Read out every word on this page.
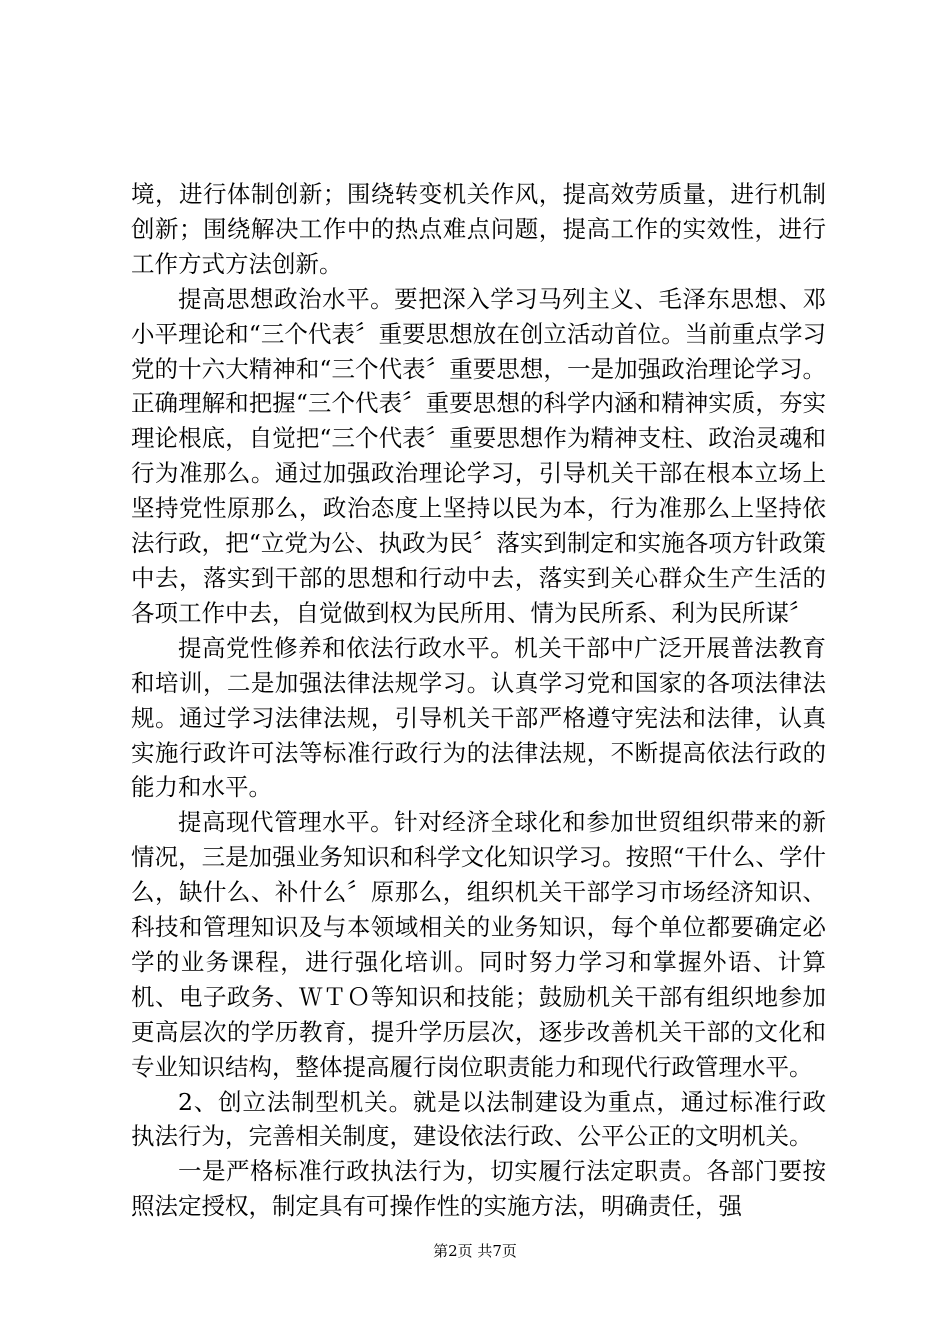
境，进行体制创新；围绕转变机关作风，提高效劳质量，进行机制创新；围绕解决工作中的热点难点问题，提高工作的实效性，进行工作方式方法创新。

提高思想政治水平。要把深入学习马列主义、毛泽东思想、邓小平理论和“三个代表〞重要思想放在创立活动首位。当前重点学习党的十六大精神和“三个代表〞重要思想，一是加强政治理论学习。正确理解和把握“三个代表〞重要思想的科学内涵和精神实质，夯实理论根底，自觉把“三个代表〞重要思想作为精神支柱、政治灵魂和行为准那么。通过加强政治理论学习，引导机关干部在根本立场上坚持党性原那么，政治态度上坚持以民为本，行为准那么上坚持依法行政，把“立党为公、执政为民〞落实到制定和实施各项方针政策中去，落实到干部的思想和行动中去，落实到关心群众生产生活的各项工作中去，自觉做到权为民所用、情为民所系、利为民所谋〞

提高党性修养和依法行政水平。机关干部中广泛开展普法教育和培训，二是加强法律法规学习。认真学习党和国家的各项法律法规。通过学习法律法规，引导机关干部严格遵守宪法和法律，认真实施行政许可法等标准行政行为的法律法规，不断提高依法行政的能力和水平。

提高现代管理水平。针对经济全球化和参加世贸组织带来的新情况，三是加强业务知识和科学文化知识学习。按照“干什么、学什么，缺什么、补什么〞原那么，组织机关干部学习市场经济知识、科技和管理知识及与本领域相关的业务知识，每个单位都要确定必学的业务课程，进行强化培训。同时努力学习和掌握外语、计算机、电子政务、ＷＴＯ等知识和技能；鼓励机关干部有组织地参加更高层次的学历教育，提升学历层次，逐步改善机关干部的文化和专业知识结构，整体提高履行岗位职责能力和现代行政管理水平。

2、创立法制型机关。就是以法制建设为重点，通过标准行政执法行为，完善相关制度，建设依法行政、公平公正的文明机关。

一是严格标准行政执法行为，切实履行法定职责。各部门要按照法定授权，制定具有可操作性的实施方法，明确责任，强

第2页 共7页
